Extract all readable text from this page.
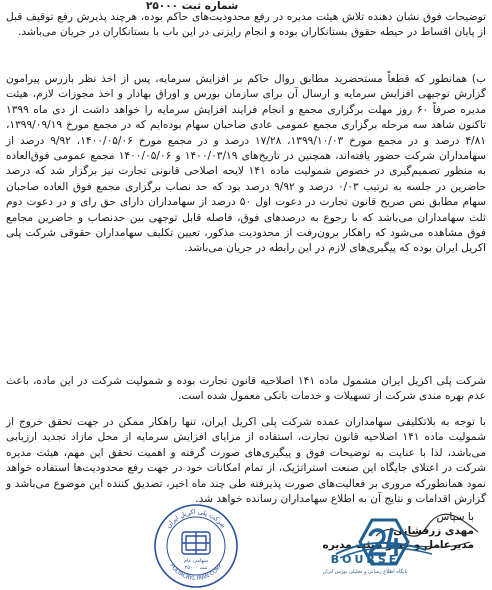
شماره ثبت ۲۵۰۰۰

توضیحات فوق نشان دهنده تلاش هیئت مدیره در رفع محدودیت‌های حاکم بوده، هرچند پذیرش رفع توقیف قبل از پایان اقساط در حیطه حقوق بستانکاران بوده و انجام رایزنی در این باب با بستانکاران در جریان می‌باشد.

ب) همانطور که قطعاً مستحضرید مطابق روال حاکم بر افزایش سرمایه، پس از اخذ نظر بازرس پیرامون گزارش توجیهی افزایش سرمایه و ارسال آن برای سازمان بورس و اوراق بهادار و اخذ مجوزات لازم، هیئت مدیره صرفاً ۶۰ روز مهلت برگزاری مجمع و انجام فرایند افزایش سرمایه را خواهد داشت از دی ماه ۱۳۹۹ تاکنون شاهد سه مرحله برگزاری مجمع عمومی عادی صاحبان سهام بوده‌ایم که در مجمع مورخ ۱۳۹۹/۰۹/۱۹، ۴/۸۱ درصد و در مجمع مورخ ۱۳۹۹/۱۰/۰۳، ۱۷/۲۸ درصد و در مجمع مورخ ۱۴۰۰/۰۵/۰۶، ۹/۹۲ درصد از سهامداران شرکت حضور یافته‌اند، همچنین در تاریخ‌های ۱۴۰۰/۰۳/۱۹ و ۱۴۰۰/۰۵/۰۶ مجمع عمومی فوق‌العاده به منظور تصمیم‌گیری در خصوص شمولیت ماده ۱۴۱ لایحه اصلاحی قانونی تجارت نیز برگزار شد که درصد حاضرین در جلسه به ترتیب ۰/۰۳ درصد و ۹/۹۲ درصد بود که حد نصاب برگزاری مجمع فوق العاده صاحبان سهام مطابق نص صریح قانون تجارت در دعوت اول ۵۰ درصد از سهامداران دارای حق رای و در دعوت دوم ثلث سهامداران می‌باشد که با رجوع به درصدهای فوق، فاصله قابل توجهی بین حدنصاب و حاضرین مجامع فوق مشاهده می‌شود که راهکار برون‌رفت از محدودیت مذکور، تعیین تکلیف سهامداران حقوقی شرکت پلی اکریل ایران بوده که پیگیری‌های لازم در این رابطه در جریان می‌باشد.

شرکت پلی اکریل ایران مشمول ماده ۱۴۱ اصلاحیه قانون تجارت بوده و شمولیت شرکت در این ماده، باعث عدم بهره مندی شرکت از تسهیلات و خدمات بانکی معمول شده است.

با توجه به بلاتکلیفی سهامداران عمده شرکت پلی اکریل ایران، تنها راهکار ممکن در جهت تحقق خروج از شمولیت ماده ۱۴۱ اصلاحیه قانون تجارت، استفاده از مزایای افزایش سرمایه از محل مازاد تجدید ارزیابی می‌باشد، لذا با عنایت به توضیحات فوق و پیگیری‌های صورت گرفته و اهمیت تحقق این مهم، هیئت مدیره شرکت در اعتلای جایگاه این صنعت استراتژیک، از تمام امکانات خود در جهت رفع محدودیت‌ها استفاده خواهد نمود همانطورکه مروری بر فعالیت‌های صورت پذیرفته طی چند ماه اخیر، تصدیق کننده این موضوع می‌باشد و گزارش اقدامات و نتایج آن به اطلاع سهامداران رسانده خواهد شد.

با سپاس
مهدی زرفشانی
مدیرعامل و عضو هیئت مدیره
شرکت پلی اکریل ایران
POLYACRYL IRAN CORP
سهامی عام
ثبت ۲۵۰۰۰
BOURSE
پایگاه اطلاع رسانی و تحلیلی بورس ایران
